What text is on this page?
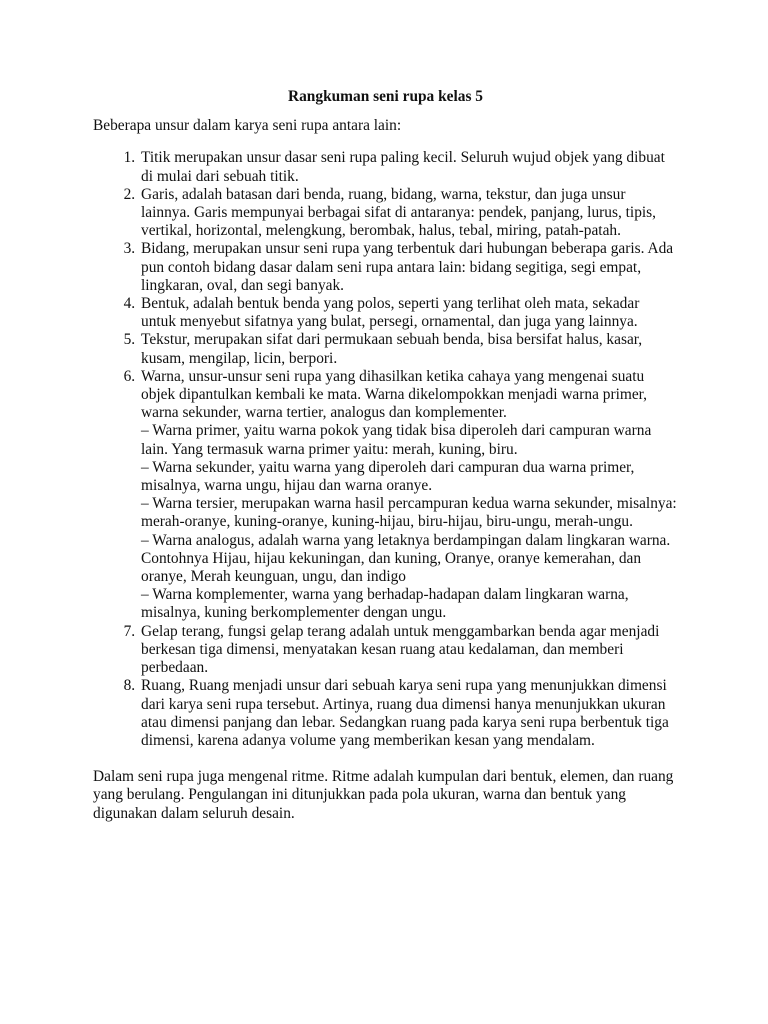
Rangkuman seni rupa kelas 5
Beberapa unsur dalam karya seni rupa antara lain:
1. Titik merupakan unsur dasar seni rupa paling kecil. Seluruh wujud objek yang dibuat di mulai dari sebuah titik.
2. Garis, adalah batasan dari benda, ruang, bidang, warna, tekstur, dan juga unsur lainnya. Garis mempunyai berbagai sifat di antaranya: pendek, panjang, lurus, tipis, vertikal, horizontal, melengkung, berombak, halus, tebal, miring, patah-patah.
3. Bidang, merupakan unsur seni rupa yang terbentuk dari hubungan beberapa garis. Ada pun contoh bidang dasar dalam seni rupa antara lain: bidang segitiga, segi empat, lingkaran, oval, dan segi banyak.
4. Bentuk, adalah bentuk benda yang polos, seperti yang terlihat oleh mata, sekadar untuk menyebut sifatnya yang bulat, persegi, ornamental, dan juga yang lainnya.
5. Tekstur, merupakan sifat dari permukaan sebuah benda, bisa bersifat halus, kasar, kusam, mengilap, licin, berpori.
6. Warna, unsur-unsur seni rupa yang dihasilkan ketika cahaya yang mengenai suatu objek dipantulkan kembali ke mata. Warna dikelompokkan menjadi warna primer, warna sekunder, warna tertier, analogus dan komplementer.
– Warna primer, yaitu warna pokok yang tidak bisa diperoleh dari campuran warna lain. Yang termasuk warna primer yaitu: merah, kuning, biru.
– Warna sekunder, yaitu warna yang diperoleh dari campuran dua warna primer, misalnya, warna ungu, hijau dan warna oranye.
– Warna tersier, merupakan warna hasil percampuran kedua warna sekunder, misalnya: merah-oranye, kuning-oranye, kuning-hijau, biru-hijau, biru-ungu, merah-ungu.
– Warna analogus, adalah warna yang letaknya berdampingan dalam lingkaran warna. Contohnya Hijau, hijau kekuningan, dan kuning, Oranye, oranye kemerahan, dan oranye, Merah keunguan, ungu, dan indigo
– Warna komplementer, warna yang berhadap-hadapan dalam lingkaran warna, misalnya, kuning berkomplementer dengan ungu.
7. Gelap terang, fungsi gelap terang adalah untuk menggambarkan benda agar menjadi berkesan tiga dimensi, menyatakan kesan ruang atau kedalaman, dan memberi perbedaan.
8. Ruang, Ruang menjadi unsur dari sebuah karya seni rupa yang menunjukkan dimensi dari karya seni rupa tersebut. Artinya, ruang dua dimensi hanya menunjukkan ukuran atau dimensi panjang dan lebar. Sedangkan ruang pada karya seni rupa berbentuk tiga dimensi, karena adanya volume yang memberikan kesan yang mendalam.
Dalam seni rupa juga mengenal ritme. Ritme adalah kumpulan dari bentuk, elemen, dan ruang yang berulang. Pengulangan ini ditunjukkan pada pola ukuran, warna dan bentuk yang digunakan dalam seluruh desain.
